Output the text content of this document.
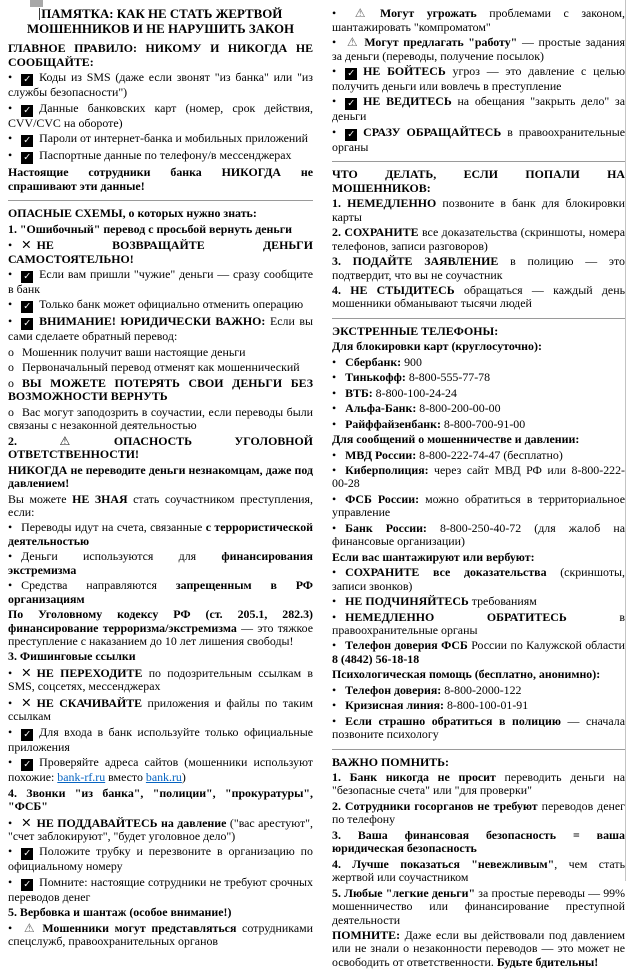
ПАМЯТКА: КАК НЕ СТАТЬ ЖЕРТВОЙ МОШЕННИКОВ И НЕ НАРУШИТЬ ЗАКОН
ГЛАВНОЕ ПРАВИЛО: НИКОМУ И НИКОГДА НЕ СООБЩАЙТЕ:
• ✓ Коды из SMS (даже если звонят "из банка" или "из службы безопасности")
• ✓ Данные банковских карт (номер, срок действия, CVV/CVC на обороте)
• ✓ Пароли от интернет-банка и мобильных приложений
• ✓ Паспортные данные по телефону/в мессенджерах
Настоящие сотрудники банка НИКОГДА не спрашивают эти данные!
ОПАСНЫЕ СХЕМЫ, о которых нужно знать:
1. "Ошибочный" перевод с просьбой вернуть деньги
• ✕ НЕ ВОЗВРАЩАЙТЕ ДЕНЬГИ САМОСТОЯТЕЛЬНО!
• ✓ Если вам пришли "чужие" деньги — сразу сообщите в банк
• ✓ Только банк может официально отменить операцию
• ✓ ВНИМАНИЕ! ЮРИДИЧЕСКИ ВАЖНО: Если вы сами сделаете обратный перевод:
o Мошенник получит ваши настоящие деньги
o Первоначальный перевод отменят как мошеннический
o ВЫ МОЖЕТЕ ПОТЕРЯТЬ СВОИ ДЕНЬГИ БЕЗ ВОЗМОЖНОСТИ ВЕРНУТЬ
o Вас могут заподозрить в соучастии, если переводы были связаны с незаконной деятельностью
2. ⚠ ОПАСНОСТЬ УГОЛОВНОЙ ОТВЕТСТВЕННОСТИ!
НИКОГДА не переводите деньги незнакомцам, даже под давлением!
Вы можете НЕ ЗНАЯ стать соучастником преступления, если:
• Переводы идут на счета, связанные с террористической деятельностью
• Деньги используются для финансирования экстремизма
• Средства направляются запрещенным в РФ организациям
По Уголовному кодексу РФ (ст. 205.1, 282.3) финансирование терроризма/экстремизма — это тяжкое преступление с наказанием до 10 лет лишения свободы!
3. Фишинговые ссылки
• ✕ НЕ ПЕРЕХОДИТЕ по подозрительным ссылкам в SMS, соцсетях, мессенджерах
• ✕ НЕ СКАЧИВАЙТЕ приложения и файлы по таким ссылкам
• ✓ Для входа в банк используйте только официальные приложения
• ✓ Проверяйте адреса сайтов (мошенники используют похожие: bank-rf.ru вместо bank.ru)
4. Звонки "из банка", "полиции", "прокуратуры", "ФСБ"
• ✕ НЕ ПОДДАВАЙТЕСЬ на давление ("вас арестуют", "счет заблокируют", "будет уголовное дело")
• ✓ Положите трубку и перезвоните в организацию по официальному номеру
• ✓ Помните: настоящие сотрудники не требуют срочных переводов денег
5. Вербовка и шантаж (особое внимание!)
• ⚠ Мошенники могут представляться сотрудниками спецслужб, правоохранительных органов
• ⚠ Могут угрожать проблемами с законом, шантажировать "компроматом"
• ⚠ Могут предлагать "работу" — простые задания за деньги (переводы, получение посылок)
• ✓ НЕ БОЙТЕСЬ угроз — это давление с целью получить деньги или вовлечь в преступление
• ✓ НЕ ВЕДИТЕСЬ на обещания "закрыть дело" за деньги
• ✓ СРАЗУ ОБРАЩАЙТЕСЬ в правоохранительные органы
ЧТО ДЕЛАТЬ, ЕСЛИ ПОПАЛИ НА МОШЕННИКОВ:
1. НЕМЕДЛЕННО позвоните в банк для блокировки карты
2. СОХРАНИТЕ все доказательства (скриншоты, номера телефонов, записи разговоров)
3. ПОДАЙТЕ ЗАЯВЛЕНИЕ в полицию — это подтвердит, что вы не соучастник
4. НЕ СТЫДИТЕСЬ обращаться — каждый день мошенники обманывают тысячи людей
ЭКСТРЕННЫЕ ТЕЛЕФОНЫ:
Для блокировки карт (круглосуточно):
• Сбербанк: 900
• Тинькофф: 8-800-555-77-78
• ВТБ: 8-800-100-24-24
• Альфа-Банк: 8-800-200-00-00
• Райффайзенбанк: 8-800-700-91-00
Для сообщений о мошенничестве и давлении:
• МВД России: 8-800-222-74-47 (бесплатно)
• Киберполиция: через сайт МВД РФ или 8-800-222-00-28
• ФСБ России: можно обратиться в территориальное управление
• Банк России: 8-800-250-40-72 (для жалоб на финансовые организации)
Если вас шантажируют или вербуют:
• СОХРАНИТЕ все доказательства (скриншоты, записи звонков)
• НЕ ПОДЧИНЯЙТЕСЬ требованиям
• НЕМЕДЛЕННО ОБРАТИТЕСЬ в правоохранительные органы
• Телефон доверия ФСБ России по Калужской области 8 (4842) 56-18-18
Психологическая помощь (бесплатно, анонимно):
• Телефон доверия: 8-800-2000-122
• Кризисная линия: 8-800-100-01-91
• Если страшно обратиться в полицию — сначала позвоните психологу
ВАЖНО ПОМНИТЬ:
1. Банк никогда не просит переводить деньги на "безопасные счета" или "для проверки"
2. Сотрудники госорганов не требуют переводов денег по телефону
3. Ваша финансовая безопасность = ваша юридическая безопасность
4. Лучше показаться "невежливым", чем стать жертвой или соучастником
5. Любые "легкие деньги" за простые переводы — 99% мошенничество или финансирование преступной деятельности
ПОМНИТЕ: Даже если вы действовали под давлением или не знали о незаконности переводов — это может не освободить от ответственности. Будьте бдительны!
